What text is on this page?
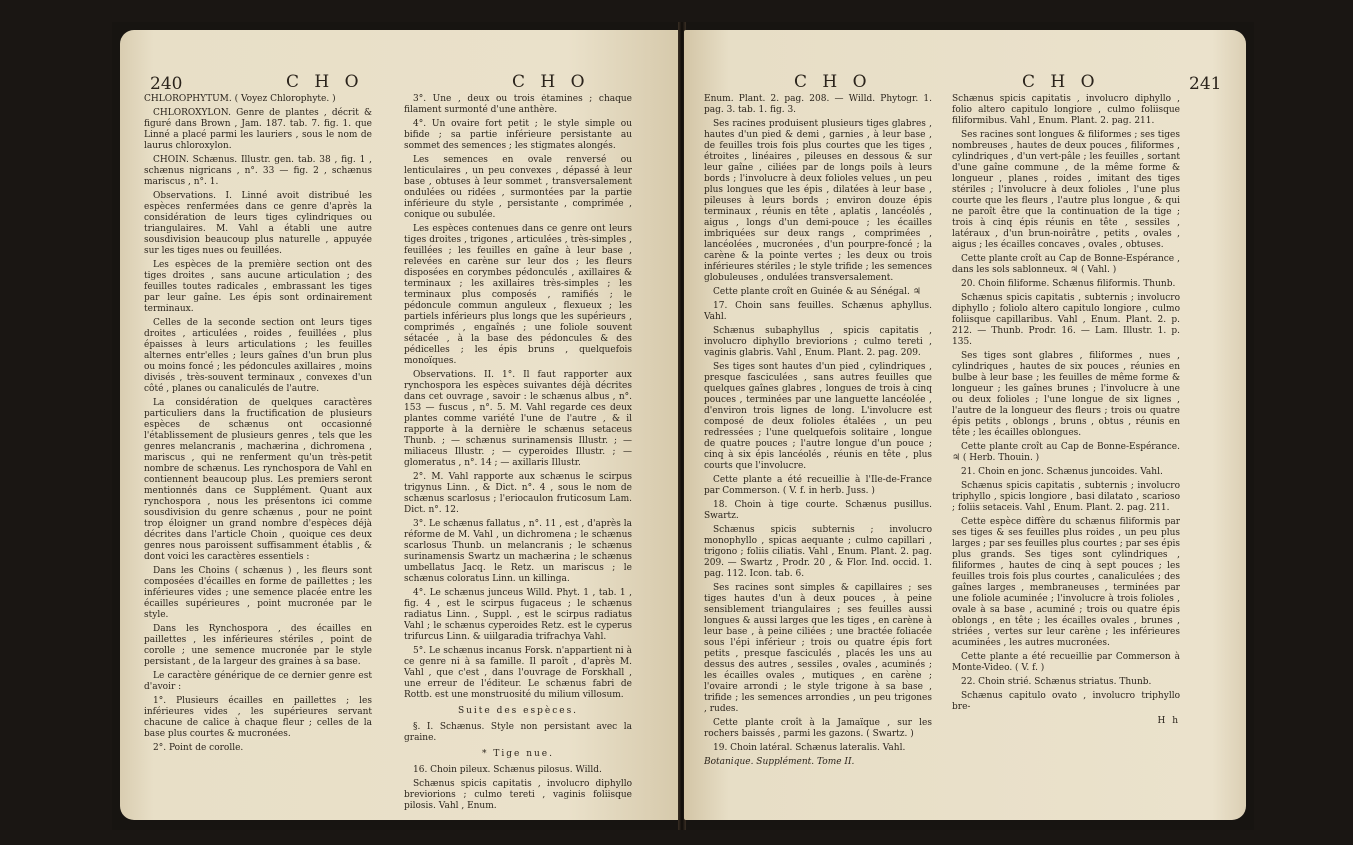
240	C H O	C H O

CHLOROPHYTUM. ( Voyez Chlorophyte. )

CHLOROXYLON. Genre de plantes , décrit & figuré dans Brown , Jam. 187. tab. 7. fig. 1. que Linné a placé parmi les lauriers , sous le nom de laurus chloroxylon.

CHOIN. Schænus. Illustr. gen. tab. 38 , fig. 1 , schænus nigricans , n°. 33 — fig. 2 , schænus mariscus , n°. 1.

Observations. I. Linné avoit distribué les espèces renfermées dans ce genre d'après la considération de leurs tiges cylindriques ou triangulaires. M. Vahl a établi une autre sousdivision beaucoup plus naturelle , appuyée sur les tiges nues ou feuillées.

Les espèces de la première section ont des tiges droites , sans aucune articulation ; des feuilles toutes radicales , embrassant les tiges par leur gaîne. Les épis sont ordinairement terminaux.

Celles de la seconde section ont leurs tiges droites , articulées , roides , feuillées , plus épaisses à leurs articulations ; les feuilles alternes entr'elles ; leurs gaînes d'un brun plus ou moins foncé ; les pédoncules axillaires , moins divisés , très-souvent terminaux , convexes d'un côté , planes ou canaliculés de l'autre.

La considération de quelques caractères particuliers dans la fructification de plusieurs espèces de schænus ont occasionné l'établissement de plusieurs genres , tels que les genres melancranis , machærina , dichromena , mariscus , qui ne renferment qu'un très-petit nombre de schænus. Les rynchospora de Vahl en contiennent beaucoup plus. Les premiers seront mentionnés dans ce Supplément. Quant aux rynchospora , nous les présentons ici comme sousdivision du genre schænus , pour ne point trop éloigner un grand nombre d'espèces déjà décrites dans l'article Choin , quoique ces deux genres nous paroissent suffisamment établis , & dont voici les caractères essentiels :

Dans les Choins ( schænus ) , les fleurs sont composées d'écailles en forme de paillettes ; les inférieures vides ; une semence placée entre les écailles supérieures , point mucronée par le style.

Dans les Rynchospora , des écailles en paillettes , les inférieures stériles , point de corolle ; une semence mucronée par le style persistant , de la largeur des graines à sa base.

Le caractère générique de ce dernier genre est d'avoir :

1°. Plusieurs écailles en paillettes ; les inférieures vides , les supérieures servant chacune de calice à chaque fleur ; celles de la base plus courtes & mucronées.

2°. Point de corolle.

3°. Une , deux ou trois étamines ; chaque filament surmonté d'une anthère.

4°. Un ovaire fort petit ; le style simple ou bifide ; sa partie inférieure persistante au sommet des semences ; les stigmates alongés.

Les semences en ovale renversé ou lenticulaires , un peu convexes , dépassé à leur base , obtuses à leur sommet , transversalement ondulées ou ridées , surmontées par la partie inférieure du style , persistante , comprimée , conique ou subulée.

Les espèces contenues dans ce genre ont leurs tiges droites , trigones , articulées , très-simples , feuillées ; les feuilles en gaîne à leur base , relevées en carène sur leur dos ; les fleurs disposées en corymbes pédonculés , axillaires & terminaux ; les axillaires très-simples ; les terminaux plus composés , ramifiés ; le pédoncule commun anguleux , flexueux ; les partiels inférieurs plus longs que les supérieurs , comprimés , engaînés ; une foliole souvent sétacée , à la base des pédoncules & des pédicelles ; les épis bruns , quelquefois monoïques.

Observations. II. 1°. Il faut rapporter aux rynchospora les espèces suivantes déjà décrites dans cet ouvrage , savoir : le schænus albus , n°. 153 — fuscus , n°. 5. M. Vahl regarde ces deux plantes comme variété l'une de l'autre , & il rapporte à la dernière le schænus setaceus Thunb. ; — schænus surinamensis Illustr. ; — miliaceus Illustr. ; — cyperoides Illustr. ; — glomeratus , n°. 14 ; — axillaris Illustr.

2°. M. Vahl rapporte aux schænus le scirpus trigynus Linn. , & Dict. n°. 4 , sous le nom de schænus scarlosus ; l'eriocaulon fruticosum Lam. Dict. n°. 12.

3°. Le schænus fallatus , n°. 11 , est , d'après la réforme de M. Vahl , un dichromena ; le schænus scarlosus Thunb. un melancranis ; le schænus surinamensis Swartz un machærina ; le schænus umbellatus Jacq. le Retz. un mariscus ; le schænus coloratus Linn. un killinga.

4°. Le schænus junceus Willd. Phyt. 1 , tab. 1 , fig. 4 , est le scirpus fugaceus ; le schænus radiatus Linn. , Suppl. , est le scirpus radiatus Vahl ; le schænus cyperoides Retz. est le cyperus trifurcus Linn. & uiilgaradia trifrachya Vahl.

5°. Le schænus incanus Forsk. n'appartient ni à ce genre ni à sa famille. Il paroît , d'après M. Vahl , que c'est , dans l'ouvrage de Forskhall , une erreur de l'éditeur. Le schænus fabri de Rottb. est une monstruosité du milium villosum.

Suite des espèces.

§. I. Schænus. Style non persistant avec la graine.

* Tige nue.

16. Choin pileux. Schænus pilosus. Willd.

Schænus spicis capitatis , involucro diphyllo breviorions ; culmo tereti , vaginis foliisque pilosis. Vahl , Enum.

C H O	C H O	241

Enum. Plant. 2. pag. 208. — Willd. Phytogr. 1. pag. 3. tab. 1. fig. 3.

Ses racines produisent plusieurs tiges glabres , hautes d'un pied & demi , garnies , à leur base , de feuilles trois fois plus courtes que les tiges , étroites , linéaires , pileuses en dessous & sur leur gaîne , ciliées par de longs poils à leurs bords ; l'involucre à deux folioles velues , un peu plus longues que les épis , dilatées à leur base , pileuses à leurs bords ; environ douze épis terminaux , réunis en tête , aplatis , lancéolés , aigus , longs d'un demi-pouce ; les écailles imbriquées sur deux rangs , comprimées , lancéolées , mucronées , d'un pourpre-foncé ; la carène & la pointe vertes ; les deux ou trois inférieures stériles ; le style trifide ; les semences globuleuses , ondulées transversalement.

Cette plante croît en Guinée & au Sénégal. ♃

17. Choin sans feuilles. Schænus aphyllus. Vahl.

Schænus subaphyllus , spicis capitatis , involucro diphyllo breviorions ; culmo tereti , vaginis glabris. Vahl , Enum. Plant. 2. pag. 209.

Ses tiges sont hautes d'un pied , cylindriques , presque fasciculées , sans autres feuilles que quelques gaînes glabres , longues de trois à cinq pouces , terminées par une languette lancéolée , d'environ trois lignes de long. L'involucre est composé de deux folioles étalées , un peu redressées ; l'une quelquefois solitaire , longue de quatre pouces ; l'autre longue d'un pouce ; cinq à six épis lancéolés , réunis en tête , plus courts que l'involucre.

Cette plante a été recueillie à l'Ile-de-France par Commerson. ( V. f. in herb. Juss. )

18. Choin à tige courte. Schænus pusillus. Swartz.

Schænus spicis subternis ; involucro monophyllo , spicas aequante ; culmo capillari , trigono ; foliis ciliatis. Vahl , Enum. Plant. 2. pag. 209. — Swartz , Prodr. 20 , & Flor. Ind. occid. 1. pag. 112. Icon. tab. 6.

Ses racines sont simples & capillaires ; ses tiges hautes d'un à deux pouces , à peine sensiblement triangulaires ; ses feuilles aussi longues & aussi larges que les tiges , en carène à leur base , à peine ciliées ; une bractée foliacée sous l'épi inférieur ; trois ou quatre épis fort petits , presque fasciculés , placés les uns au dessus des autres , sessiles , ovales , acuminés ; les écailles ovales , mutiques , en carène ; l'ovaire arrondi ; le style trigone à sa base , trifide ; les semences arrondies , un peu trigones , rudes.

Cette plante croît à la Jamaïque , sur les rochers baissés , parmi les gazons. ( Swartz. )

19. Choin latéral. Schænus lateralis. Vahl.

Botanique. Supplément. Tome II.

Schænus spicis capitatis , involucro diphyllo , folio altero capitulo longiore , culmo foliisque filiformibus. Vahl , Enum. Plant. 2. pag. 211.

Ses racines sont longues & filiformes ; ses tiges nombreuses , hautes de deux pouces , filiformes , cylindriques , d'un vert-pâle ; les feuilles , sortant d'une gaîne commune , de la même forme & longueur , planes , roides , imitant des tiges stériles ; l'involucre à deux folioles , l'une plus courte que les fleurs , l'autre plus longue , & qui ne paroît être que la continuation de la tige ; trois à cinq épis réunis en tête , sessiles , latéraux , d'un brun-noirâtre , petits , ovales , aigus ; les écailles concaves , ovales , obtuses.

Cette plante croît au Cap de Bonne-Espérance , dans les sols sablonneux. ♃ ( Vahl. )

20. Choin filiforme. Schænus filiformis. Thunb.

Schænus spicis capitatis , subternis ; involucro diphyllo ; foliolo altero capitulo longiore , culmo foliisque capillaribus. Vahl , Enum. Plant. 2. p. 212. — Thunb. Prodr. 16. — Lam. Illustr. 1. p. 135.

Ses tiges sont glabres , filiformes , nues , cylindriques , hautes de six pouces , réunies en bulbe à leur base ; les feuilles de même forme & longueur ; les gaînes brunes ; l'involucre à une ou deux folioles ; l'une longue de six lignes , l'autre de la longueur des fleurs ; trois ou quatre épis petits , oblongs , bruns , obtus , réunis en tête ; les écailles oblongues.

Cette plante croît au Cap de Bonne-Espérance. ♃ ( Herb. Thouin. )

21. Choin en jonc. Schænus juncoides. Vahl.

Schænus spicis capitatis , subternis ; involucro triphyllo , spicis longiore , basi dilatato , scarioso ; foliis setaceis. Vahl , Enum. Plant. 2. pag. 211.

Cette espèce diffère du schænus filiformis par ses tiges & ses feuilles plus roides , un peu plus larges ; par ses feuilles plus courtes ; par ses épis plus grands. Ses tiges sont cylindriques , filiformes , hautes de cinq à sept pouces ; les feuilles trois fois plus courtes , canaliculées ; des gaînes larges , membraneuses , terminées par une foliole acuminée ; l'involucre à trois folioles , ovale à sa base , acuminé ; trois ou quatre épis oblongs , en tête ; les écailles ovales , brunes , striées , vertes sur leur carène ; les inférieures acuminées , les autres mucronées.

Cette plante a été recueillie par Commerson à Monte-Video. ( V. f. )

22. Choin strié. Schænus striatus. Thunb.

Schænus capitulo ovato , involucro triphyllo bre-

H h
